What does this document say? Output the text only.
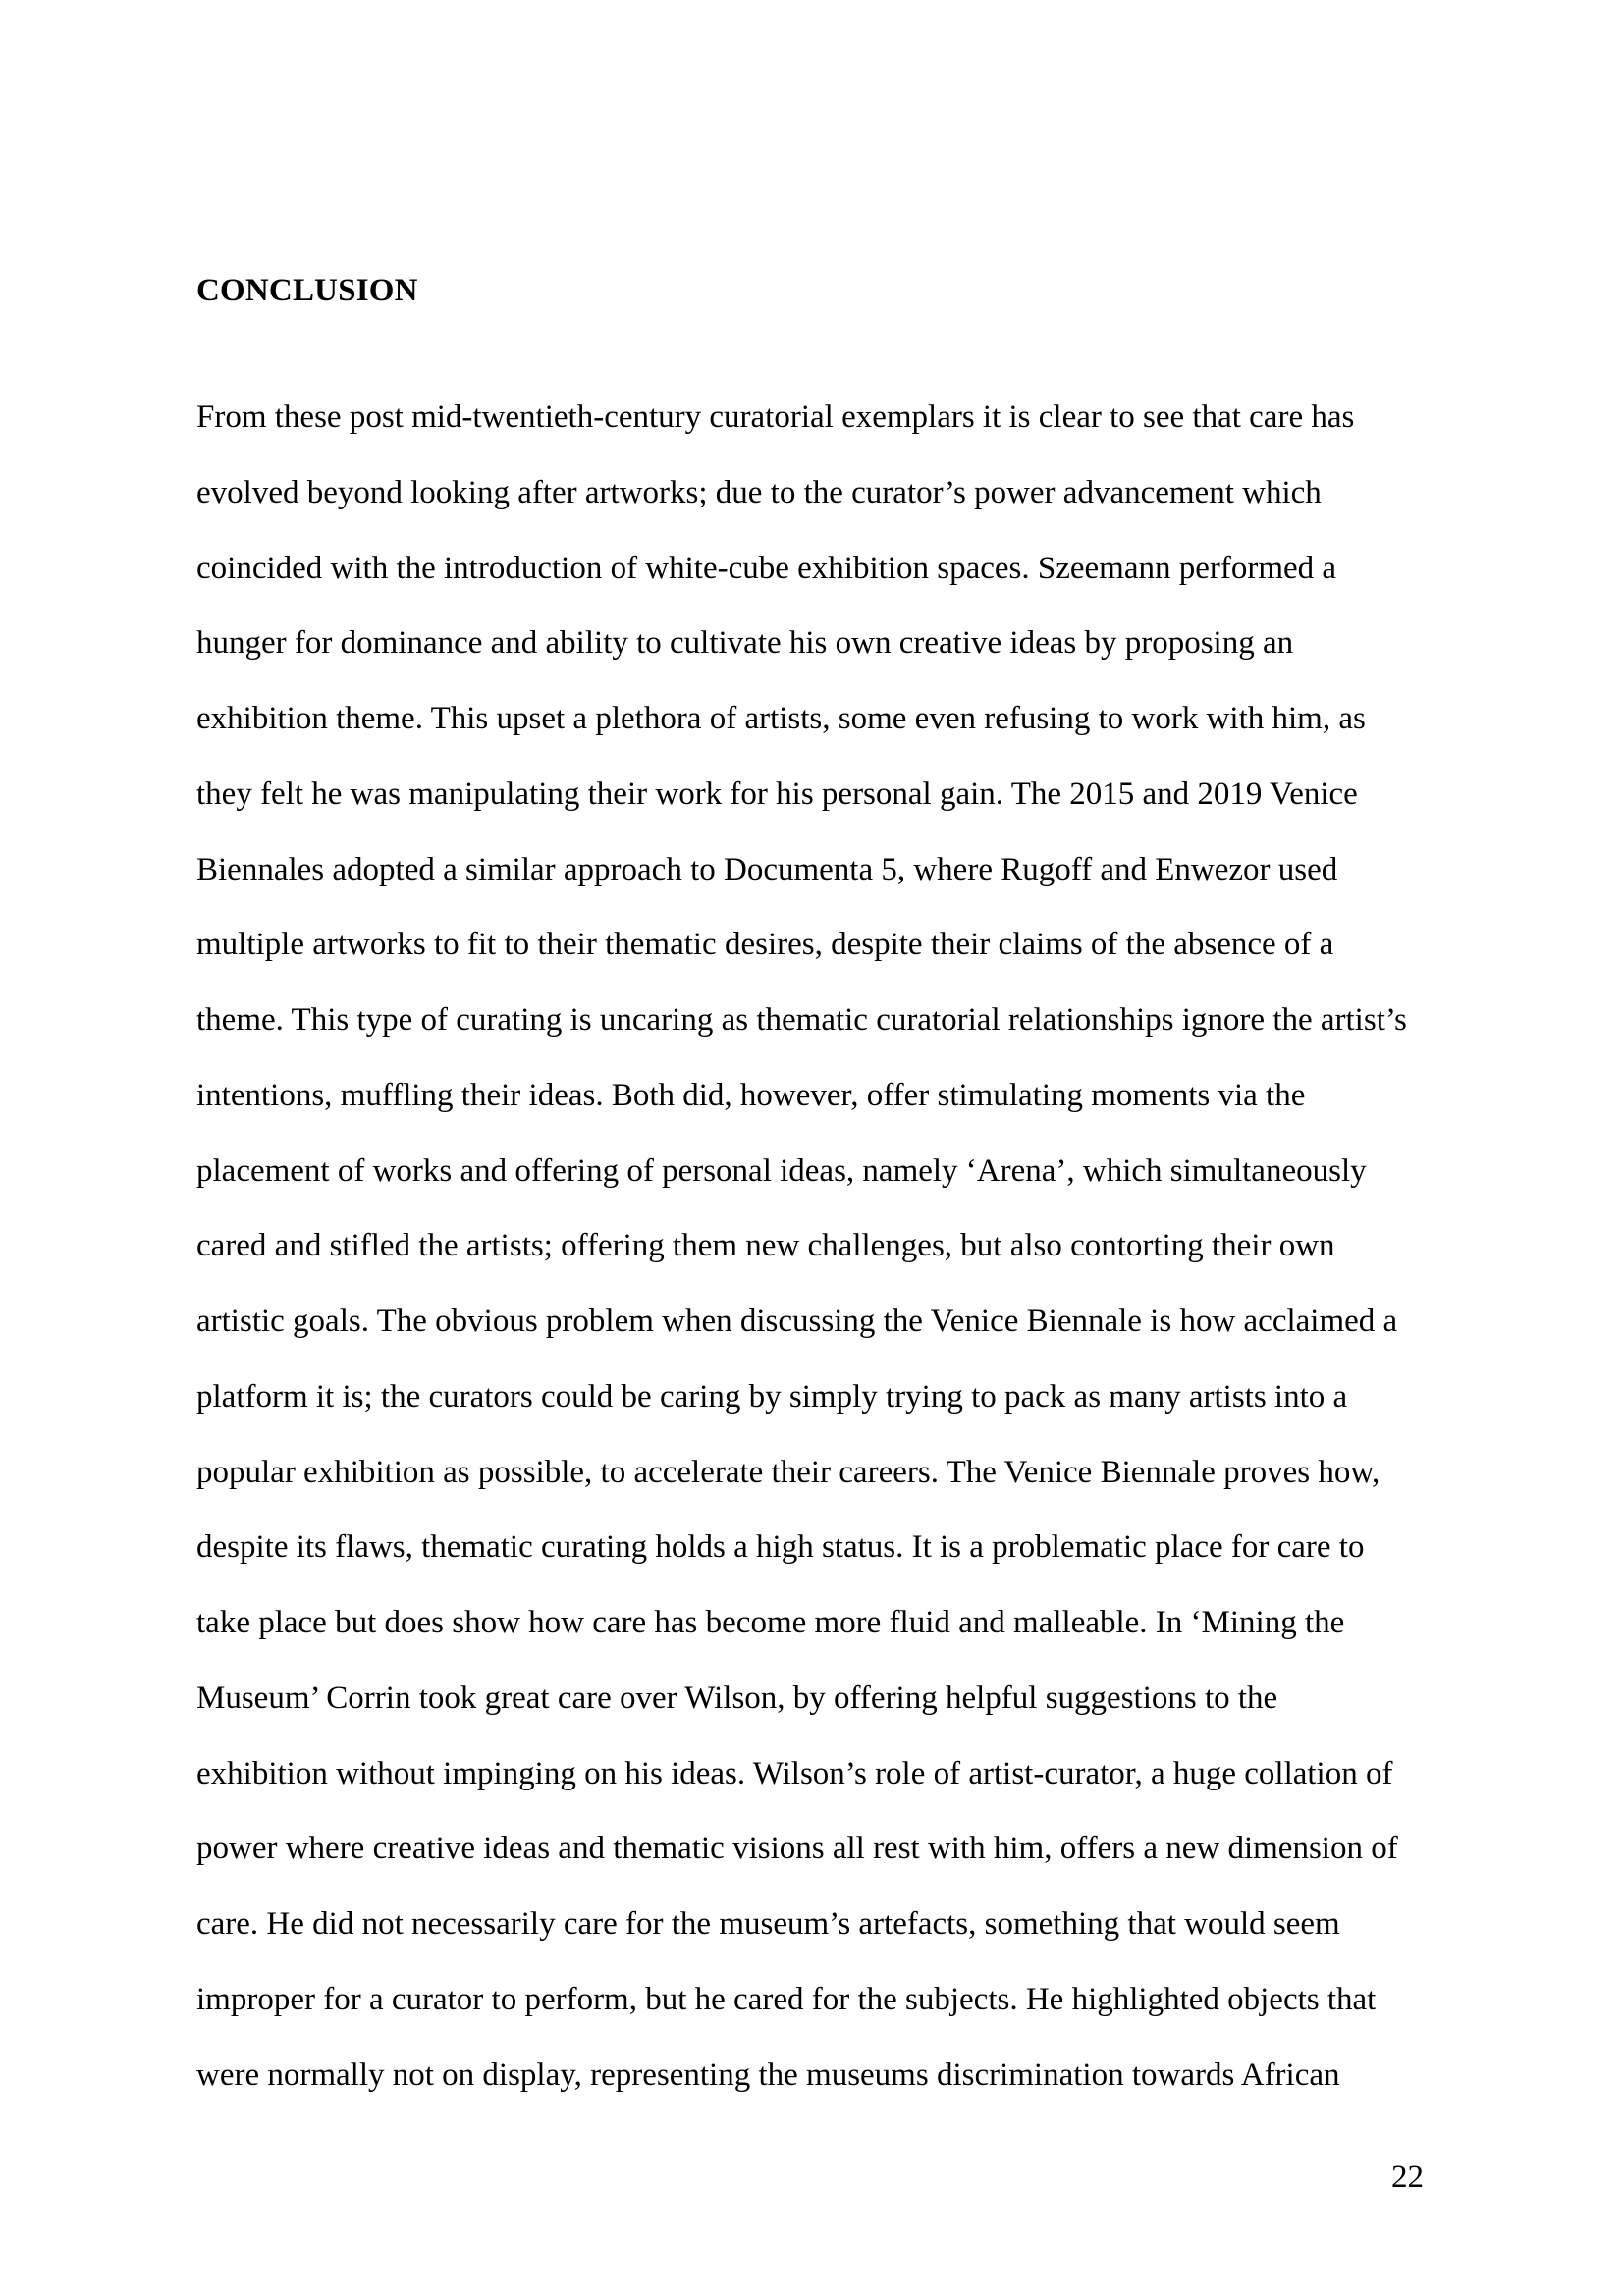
CONCLUSION
From these post mid-twentieth-century curatorial exemplars it is clear to see that care has
evolved beyond looking after artworks; due to the curator’s power advancement which
coincided with the introduction of white-cube exhibition spaces. Szeemann performed a
hunger for dominance and ability to cultivate his own creative ideas by proposing an
exhibition theme. This upset a plethora of artists, some even refusing to work with him, as
they felt he was manipulating their work for his personal gain. The 2015 and 2019 Venice
Biennales adopted a similar approach to Documenta 5, where Rugoff and Enwezor used
multiple artworks to fit to their thematic desires, despite their claims of the absence of a
theme. This type of curating is uncaring as thematic curatorial relationships ignore the artist’s
intentions, muffling their ideas. Both did, however, offer stimulating moments via the
placement of works and offering of personal ideas, namely ‘Arena’, which simultaneously
cared and stifled the artists; offering them new challenges, but also contorting their own
artistic goals. The obvious problem when discussing the Venice Biennale is how acclaimed a
platform it is; the curators could be caring by simply trying to pack as many artists into a
popular exhibition as possible, to accelerate their careers. The Venice Biennale proves how,
despite its flaws, thematic curating holds a high status. It is a problematic place for care to
take place but does show how care has become more fluid and malleable. In ‘Mining the
Museum’ Corrin took great care over Wilson, by offering helpful suggestions to the
exhibition without impinging on his ideas. Wilson’s role of artist-curator, a huge collation of
power where creative ideas and thematic visions all rest with him, offers a new dimension of
care. He did not necessarily care for the museum’s artefacts, something that would seem
improper for a curator to perform, but he cared for the subjects. He highlighted objects that
were normally not on display, representing the museums discrimination towards African
22
